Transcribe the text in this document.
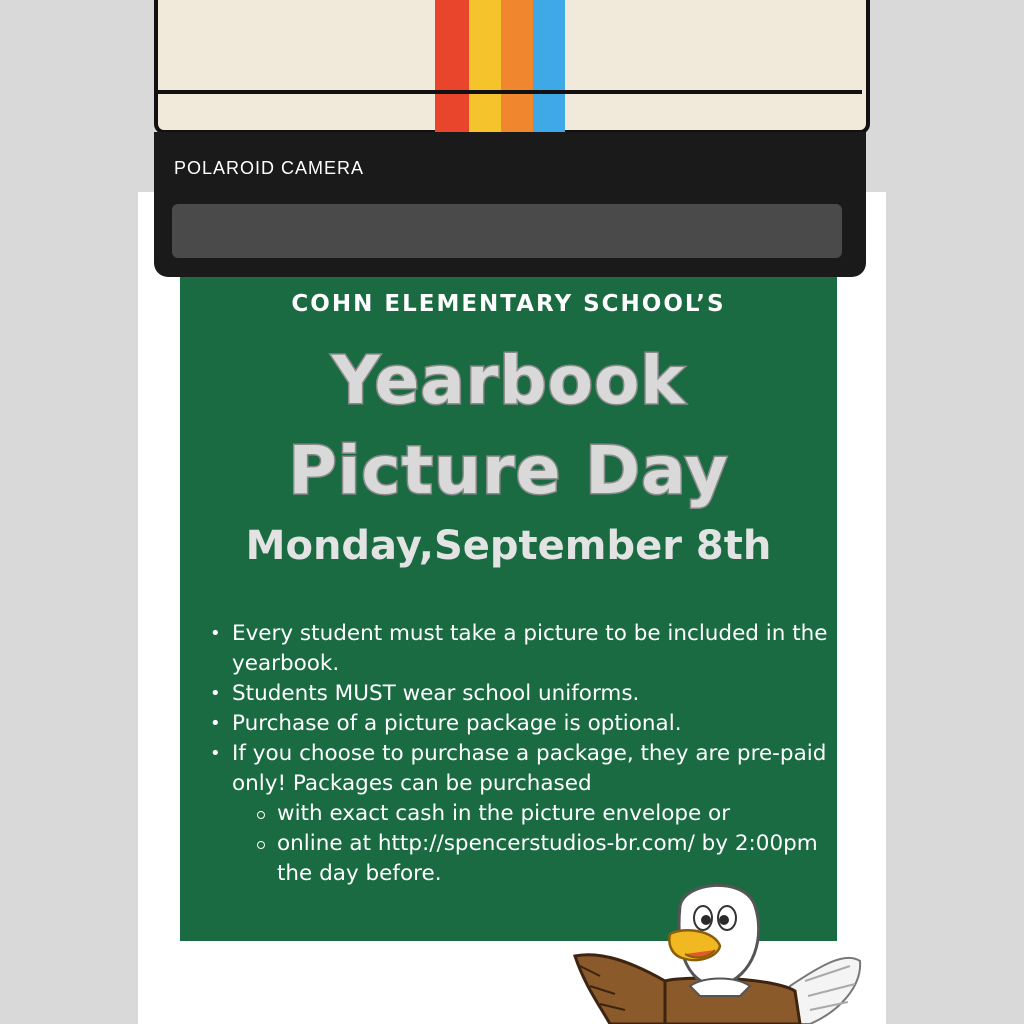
POLAROID CAMERA
COHN ELEMENTARY SCHOOL’S
Yearbook
Picture Day
Monday,September 8th
• Every student must take a picture to be included in the yearbook.
• Students MUST wear school uniforms.
• Purchase of a picture package is optional.
• If you choose to purchase a package, they are pre-paid only! Packages can be purchased
with exact cash in the picture envelope or
online at http://spencerstudios-br.com/ by 2:00pm the day before.
